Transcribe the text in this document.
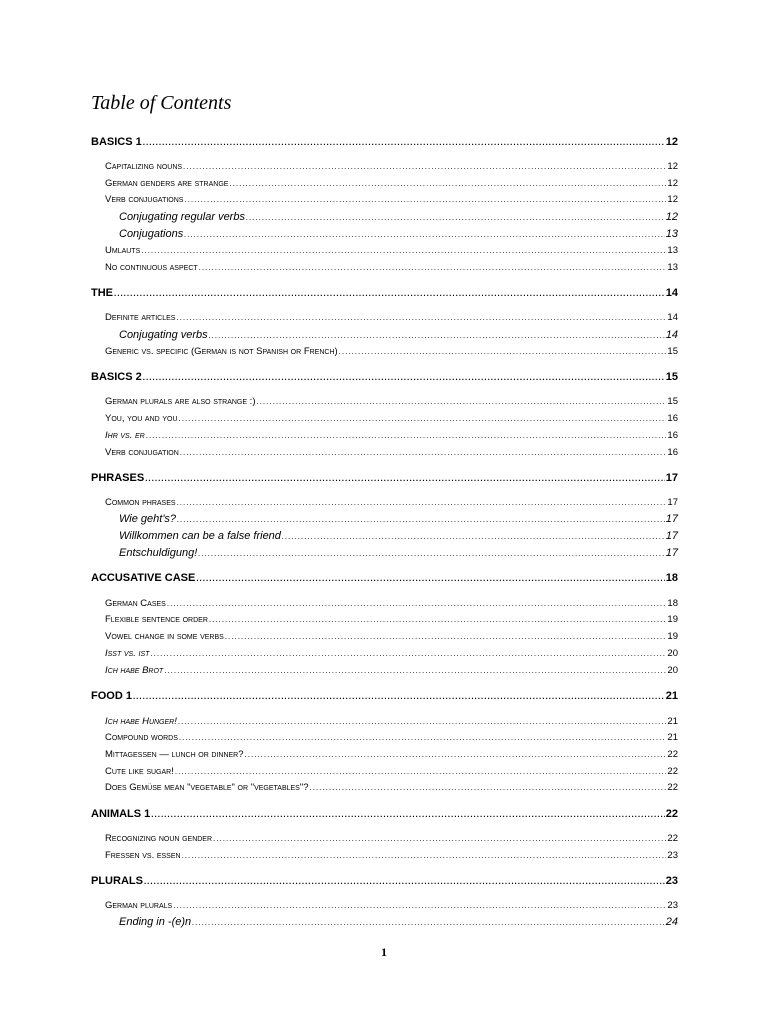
Table of Contents
BASICS 1 .....	12
Capitalizing nouns .....	12
German genders are strange .....	12
Verb conjugations .....	12
Conjugating regular verbs .....	12
Conjugations .....	13
Umlauts .....	13
No continuous aspect .....	13
THE .....	14
Definite articles .....	14
Conjugating verbs .....	14
Generic vs. specific (German is not Spanish or French) .....	15
BASICS 2 .....	15
German plurals are also strange :) .....	15
You, you and you .....	16
Ihr vs. er .....	16
Verb conjugation .....	16
PHRASES .....	17
Common phrases .....	17
Wie geht's? .....	17
Willkommen can be a false friend .....	17
Entschuldigung! .....	17
ACCUSATIVE CASE .....	18
German Cases .....	18
Flexible sentence order .....	19
Vowel change in some verbs .....	19
Isst vs. ist .....	20
Ich habe Brot .....	20
FOOD 1 .....	21
Ich habe Hunger! .....	21
Compound words .....	21
Mittagessen — lunch or dinner? .....	22
Cute like sugar! .....	22
Does Gemüse mean "vegetable" or "vegetables"? .....	22
ANIMALS 1 .....	22
Recognizing noun gender .....	22
Fressen vs. essen .....	23
PLURALS .....	23
German plurals .....	23
Ending in -(e)n .....	24
1
